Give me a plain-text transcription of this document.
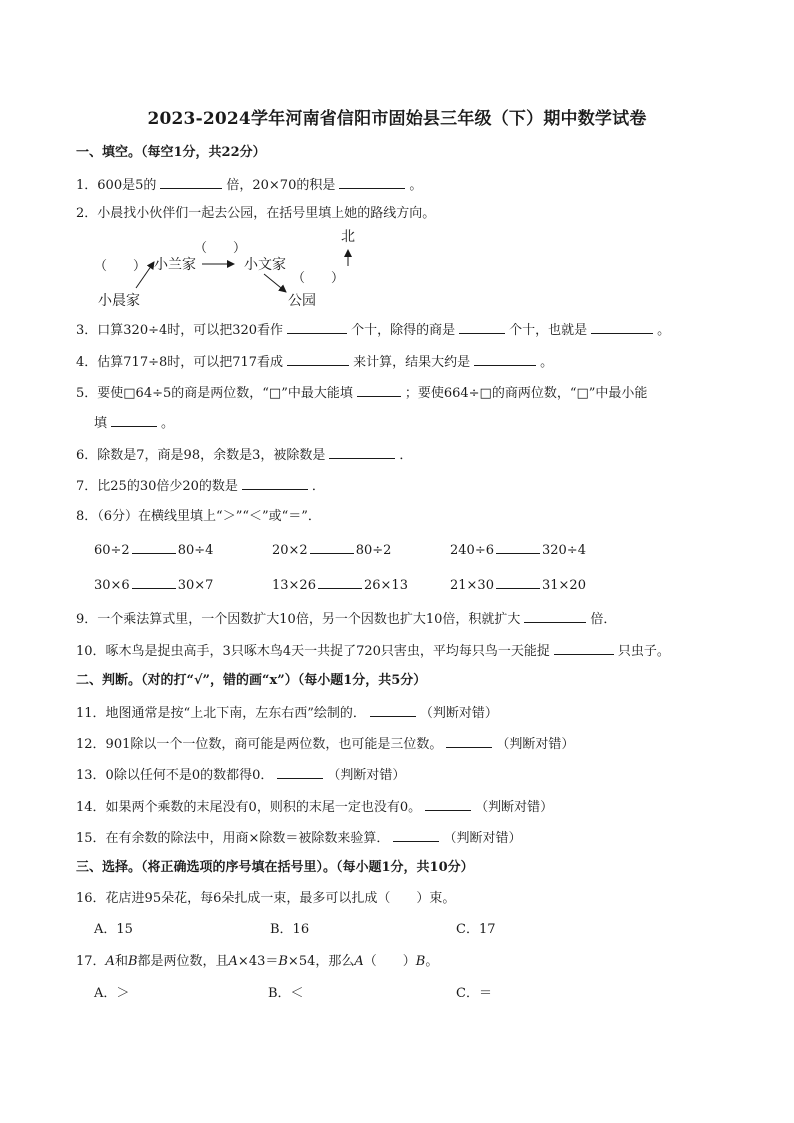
2023-2024学年河南省信阳市固始县三年级（下）期中数学试卷
一、填空。（每空1分，共22分）
1．600是5的	倍，20×70的积是	。
2．小晨找小伙伴们一起去公园，在括号里填上她的路线方向。
北
（　　） 小兰家
（　　）
小文家
（　　）
小晨家	公园
3．口算320÷4时，可以把320看作	个十，除得的商是	个十，也就是	。
4．估算717÷8时，可以把717看成	来计算，结果大约是	。
5．要使□64÷5的商是两位数，“□”中最大能填	；要使664÷□的商两位数，“□”中最小能
填	。
6．除数是7，商是98，余数是3，被除数是	．
7．比25的30倍少20的数是	．
8．（6分）在横线里填上“＞”“＜”或“＝”．
60÷2	80÷4	20×2	80÷2	240÷6	320÷4
30×6	30×7	13×26	26×13	21×30	31×20
9．一个乘法算式里，一个因数扩大10倍，另一个因数也扩大10倍，积就扩大	倍．
10．啄木鸟是捉虫高手，3只啄木鸟4天一共捉了720只害虫，平均每只鸟一天能捉	只虫子。
二、判断。（对的打“√”，错的画“x”）（每小题1分，共5分）
11．地图通常是按“上北下南，左东右西”绘制的．	（判断对错）
12．901除以一个一位数，商可能是两位数，也可能是三位数。	（判断对错）
13．0除以任何不是0的数都得0．	（判断对错）
14．如果两个乘数的末尾没有0，则积的末尾一定也没有0。	（判断对错）
15．在有余数的除法中，用商×除数＝被除数来验算．	（判断对错）
三、选择。（将正确选项的序号填在括号里）。（每小题1分，共10分）
16．花店进95朵花，每6朵扎成一束，最多可以扎成（　　）束。
A．15	B．16	C．17
17．A和B都是两位数，且A×43＝B×54，那么A（　　）B。
A．＞	B．＜	C．＝
